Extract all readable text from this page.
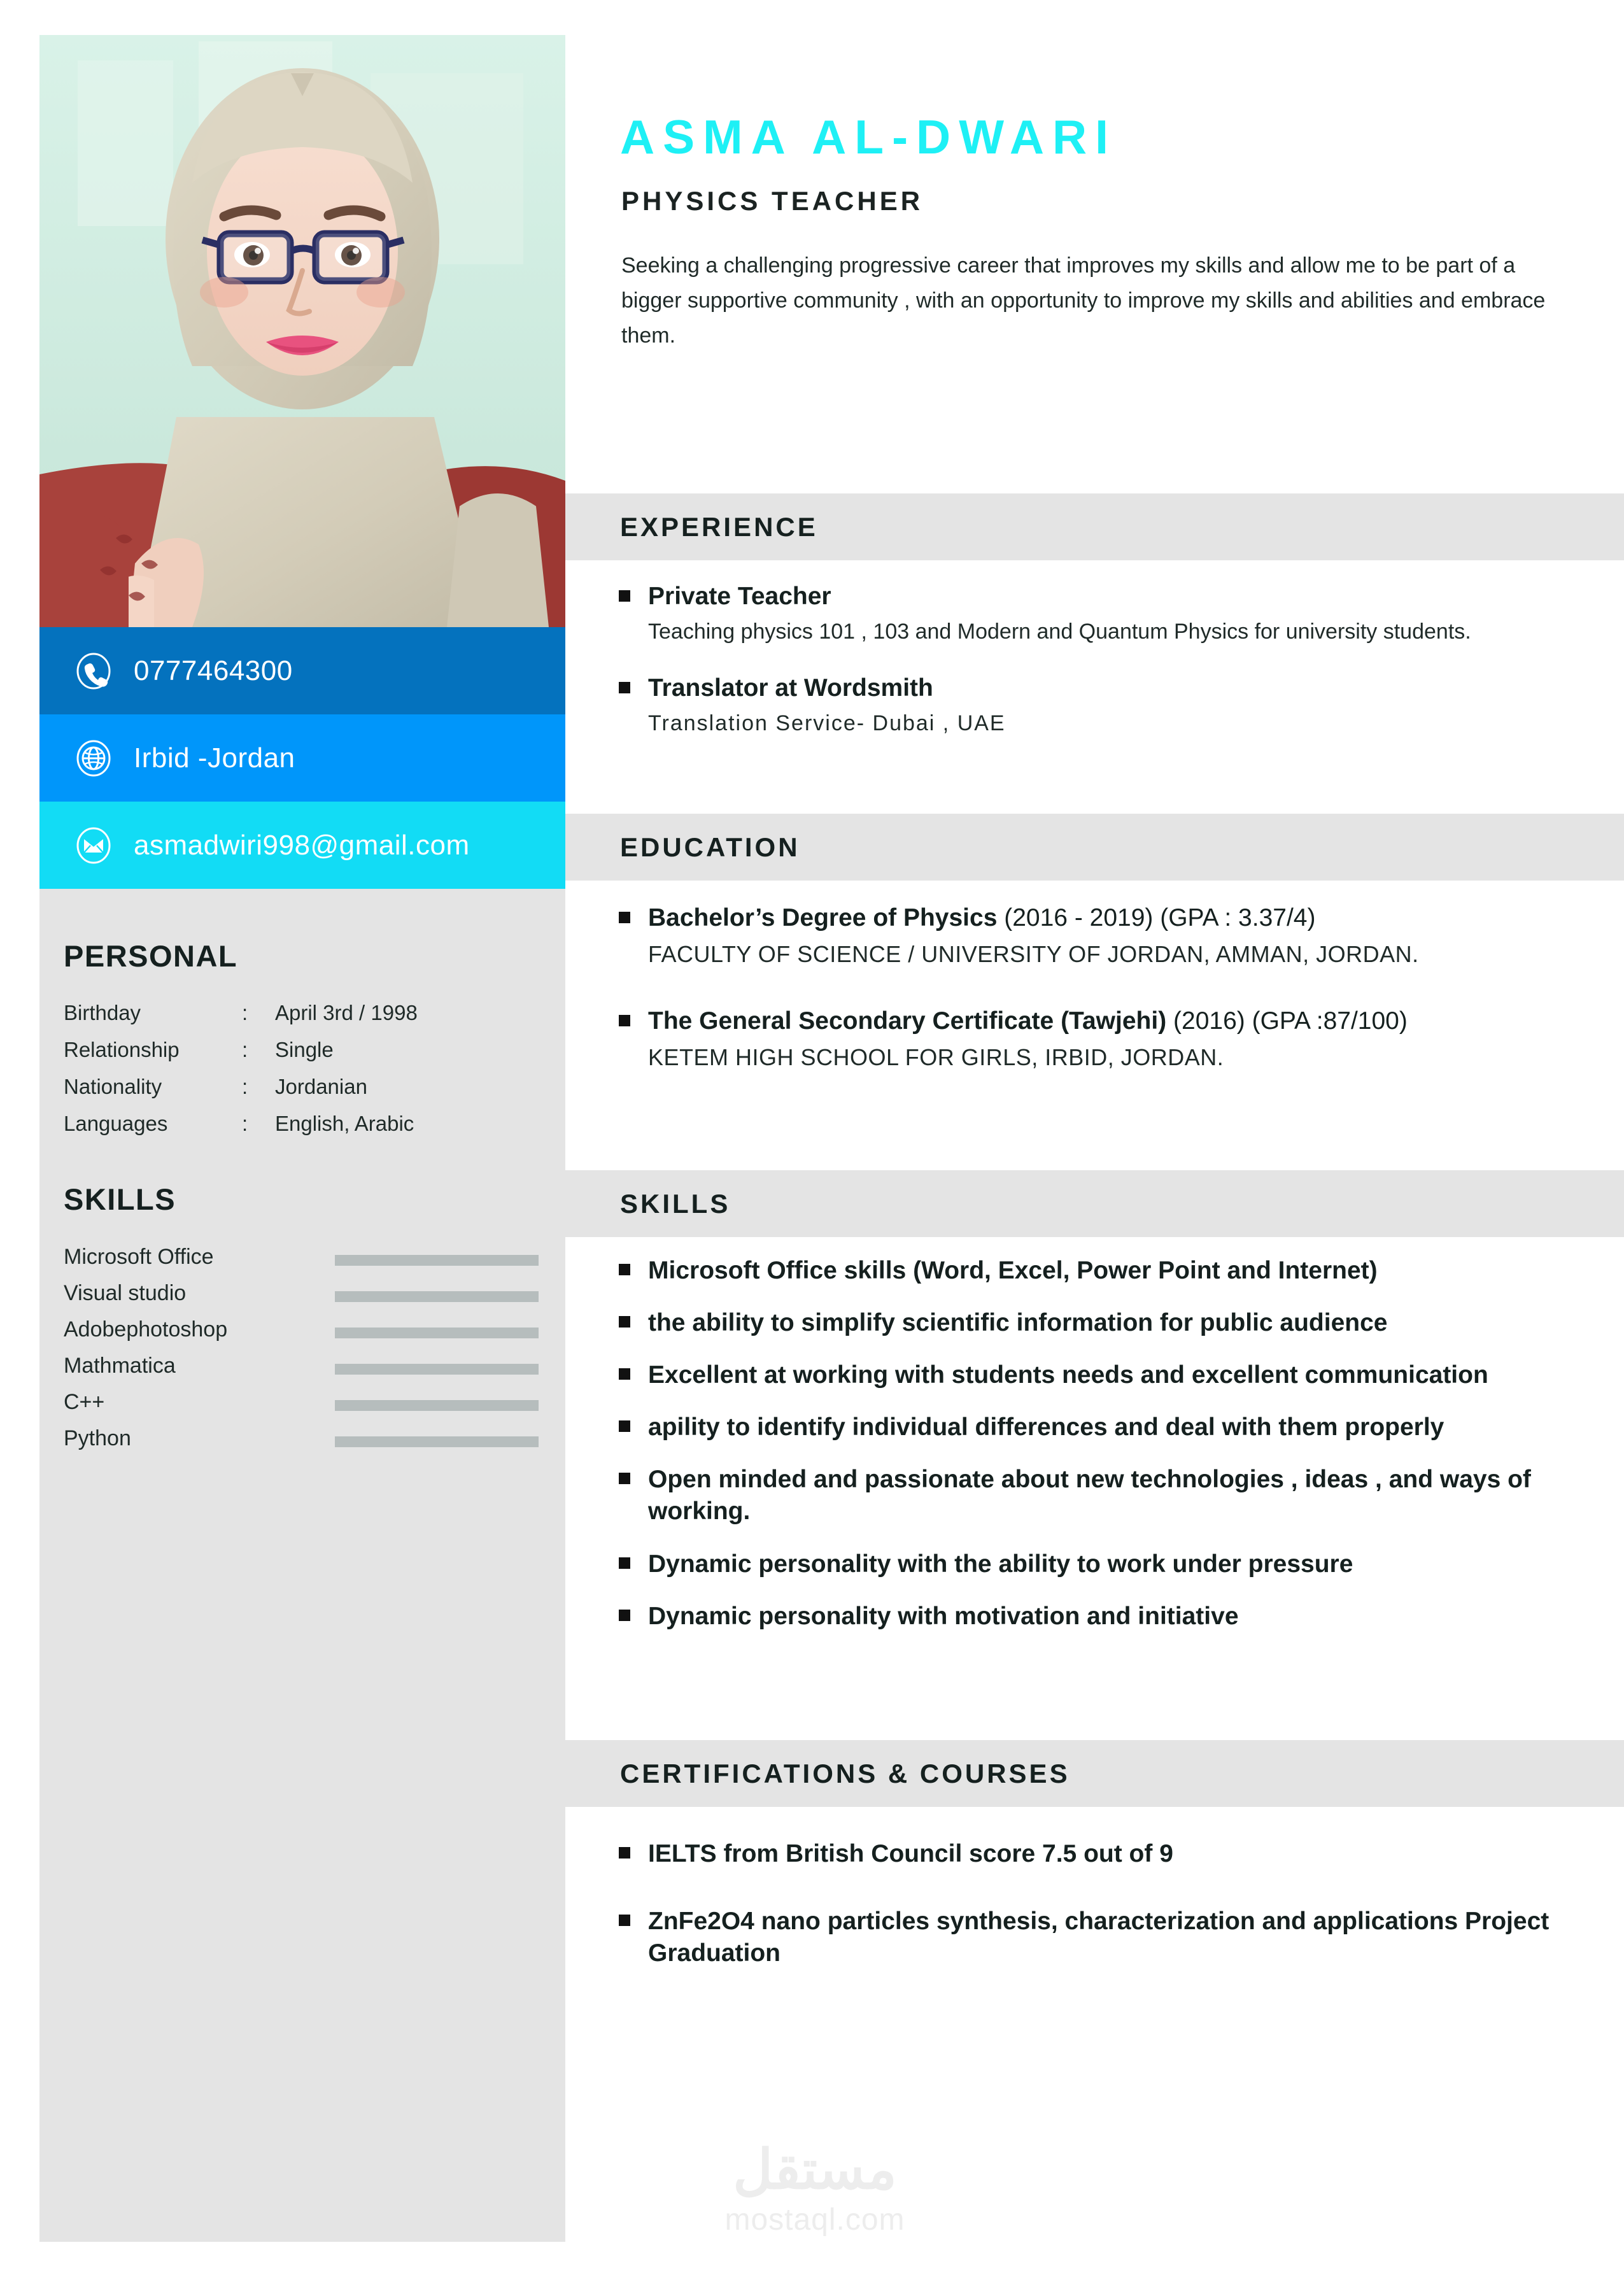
0777464300
Irbid -Jordan
asmadwiri998@gmail.com
PERSONAL
Birthday	:	April 3rd / 1998
Relationship	:	Single
Nationality	:	Jordanian
Languages	:	English, Arabic
SKILLS
Microsoft Office
Visual studio
Adobephotoshop
Mathmatica
C++
Python
ASMA AL-DWARI
PHYSICS TEACHER
Seeking a challenging progressive career that improves my skills and allow me to be part of a bigger supportive community , with an opportunity to improve my skills and abilities and embrace them.
EXPERIENCE
Private Teacher
Teaching physics 101 , 103 and Modern and Quantum Physics for university students.
Translator at Wordsmith
Translation Service- Dubai , UAE
EDUCATION
Bachelor’s Degree of Physics (2016 - 2019) (GPA : 3.37/4)
FACULTY OF SCIENCE / UNIVERSITY OF JORDAN, AMMAN, JORDAN.
The General Secondary Certificate (Tawjehi) (2016) (GPA :87/100)
KETEM HIGH SCHOOL FOR GIRLS, IRBID, JORDAN.
SKILLS
Microsoft Office skills (Word, Excel, Power Point and Internet)
the ability to simplify scientific information for public audience
Excellent at working with students needs and excellent communication
apility to identify individual differences and deal with them properly
Open minded and passionate about new technologies , ideas , and ways of working.
Dynamic personality with the ability to work under pressure
Dynamic personality with motivation and initiative
CERTIFICATIONS & COURSES
IELTS from British Council score 7.5 out of 9
ZnFe2O4 nano particles synthesis, characterization and applications Project Graduation
مستقل
mostaql.com
